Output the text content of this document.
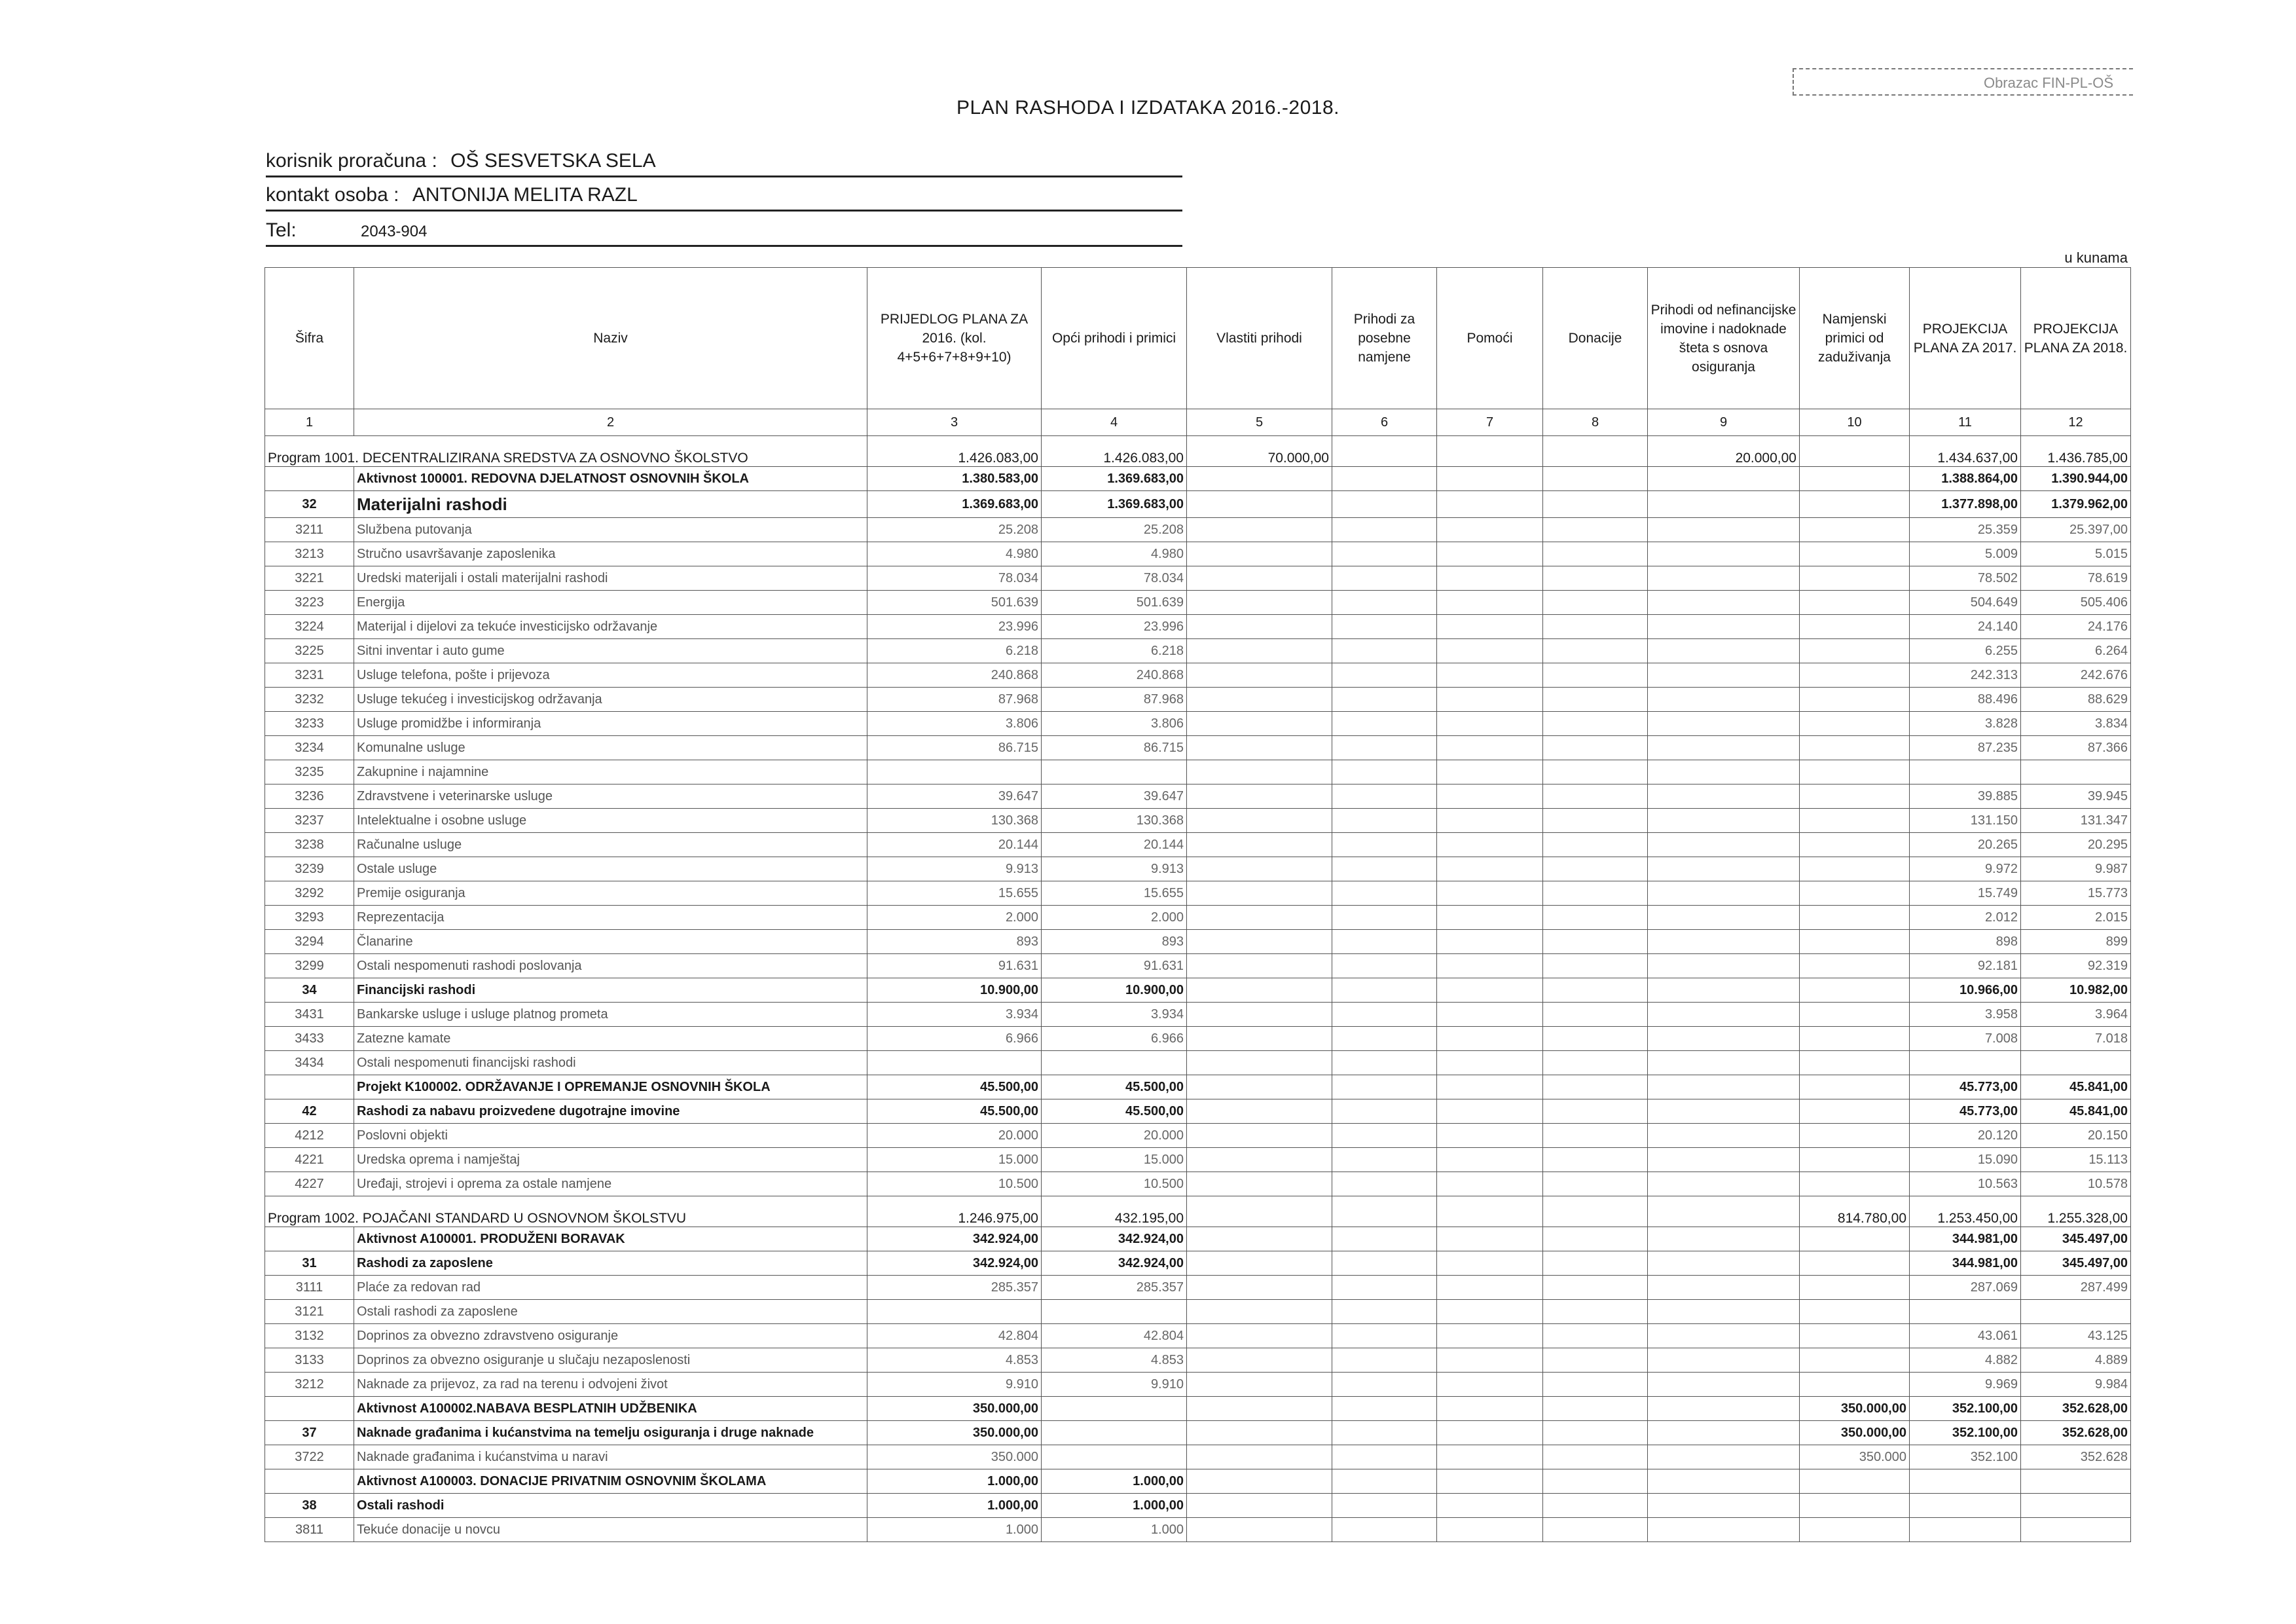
Obrazac FIN-PL-OŠ
PLAN RASHODA I IZDATAKA 2016.-2018.
korisnik proračuna : OŠ SESVETSKA SELA
kontakt osoba : ANTONIJA MELITA RAZL
Tel:	2043-904
u kunama
Šifra	Naziv	PRIJEDLOG PLANA ZA 2016. (kol. 4+5+6+7+8+9+10)	Opći prihodi i primici	Vlastiti prihodi	Prihodi za posebne namjene	Pomoći	Donacije	Prihodi od nefinancijske imovine i nadoknade šteta s osnova osiguranja	Namjenski primici od zaduživanja	PROJEKCIJA PLANA ZA 2017.	PROJEKCIJA PLANA ZA 2018.
1	2	3	4	5	6	7	8	9	10	11	12
Program 1001. DECENTRALIZIRANA SREDSTVA ZA OSNOVNO ŠKOLSTVO		1.426.083,00	1.426.083,00	70.000,00				20.000,00		1.434.637,00	1.436.785,00
	Aktivnost 100001. REDOVNA DJELATNOST OSNOVNIH ŠKOLA	1.380.583,00	1.369.683,00							1.388.864,00	1.390.944,00
32	Materijalni rashodi	1.369.683,00	1.369.683,00							1.377.898,00	1.379.962,00
3211	Službena putovanja	25.208	25.208							25.359	25.397,00
3213	Stručno usavršavanje zaposlenika	4.980	4.980							5.009	5.015
3221	Uredski materijali i ostali materijalni rashodi	78.034	78.034							78.502	78.619
3223	Energija	501.639	501.639							504.649	505.406
3224	Materijal i dijelovi za tekuće investicijsko održavanje	23.996	23.996							24.140	24.176
3225	Sitni inventar i auto gume	6.218	6.218							6.255	6.264
3231	Usluge telefona, pošte i prijevoza	240.868	240.868							242.313	242.676
3232	Usluge tekućeg i investicijskog održavanja	87.968	87.968							88.496	88.629
3233	Usluge promidžbe i informiranja	3.806	3.806							3.828	3.834
3234	Komunalne usluge	86.715	86.715							87.235	87.366
3235	Zakupnine i najamnine										
3236	Zdravstvene i veterinarske usluge	39.647	39.647							39.885	39.945
3237	Intelektualne i osobne usluge	130.368	130.368							131.150	131.347
3238	Računalne usluge	20.144	20.144							20.265	20.295
3239	Ostale usluge	9.913	9.913							9.972	9.987
3292	Premije osiguranja	15.655	15.655							15.749	15.773
3293	Reprezentacija	2.000	2.000							2.012	2.015
3294	Članarine	893	893							898	899
3299	Ostali nespomenuti rashodi poslovanja	91.631	91.631							92.181	92.319
34	Financijski rashodi	10.900,00	10.900,00							10.966,00	10.982,00
3431	Bankarske usluge i usluge platnog prometa	3.934	3.934							3.958	3.964
3433	Zatezne kamate	6.966	6.966							7.008	7.018
3434	Ostali nespomenuti financijski rashodi										
	Projekt K100002. ODRŽAVANJE I OPREMANJE OSNOVNIH ŠKOLA	45.500,00	45.500,00							45.773,00	45.841,00
42	Rashodi za nabavu proizvedene dugotrajne imovine	45.500,00	45.500,00							45.773,00	45.841,00
4212	Poslovni objekti	20.000	20.000							20.120	20.150
4221	Uredska oprema i namještaj	15.000	15.000							15.090	15.113
4227	Uređaji, strojevi i oprema za ostale namjene	10.500	10.500							10.563	10.578
Program 1002. POJAČANI STANDARD U OSNOVNOM ŠKOLSTVU		1.246.975,00	432.195,00						814.780,00	1.253.450,00	1.255.328,00
	Aktivnost A100001. PRODUŽENI BORAVAK	342.924,00	342.924,00							344.981,00	345.497,00
31	Rashodi za zaposlene	342.924,00	342.924,00							344.981,00	345.497,00
3111	Plaće za redovan rad	285.357	285.357							287.069	287.499
3121	Ostali rashodi za zaposlene										
3132	Doprinos za obvezno zdravstveno osiguranje	42.804	42.804							43.061	43.125
3133	Doprinos za obvezno osiguranje u slučaju nezaposlenosti	4.853	4.853							4.882	4.889
3212	Naknade za prijevoz, za rad na terenu i odvojeni život	9.910	9.910							9.969	9.984
	Aktivnost A100002.NABAVA BESPLATNIH UDŽBENIKA	350.000,00							350.000,00	352.100,00	352.628,00
37	Naknade građanima i kućanstvima na temelju osiguranja i druge naknade	350.000,00							350.000,00	352.100,00	352.628,00
3722	Naknade građanima i kućanstvima u naravi	350.000							350.000	352.100	352.628
	Aktivnost A100003. DONACIJE PRIVATNIM OSNOVNIM ŠKOLAMA	1.000,00	1.000,00								
38	Ostali rashodi	1.000,00	1.000,00								
3811	Tekuće donacije u novcu	1.000	1.000								
